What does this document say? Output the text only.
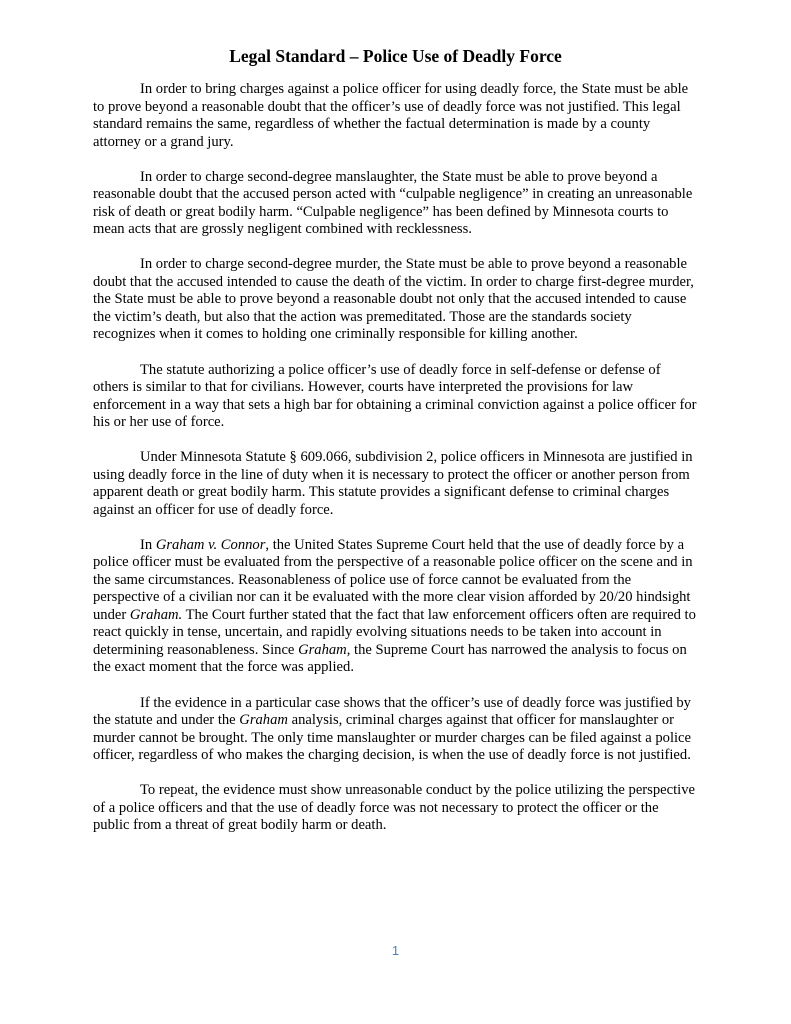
Legal Standard – Police Use of Deadly Force

In order to bring charges against a police officer for using deadly force, the State must be able to prove beyond a reasonable doubt that the officer’s use of deadly force was not justified. This legal standard remains the same, regardless of whether the factual determination is made by a county attorney or a grand jury.

In order to charge second-degree manslaughter, the State must be able to prove beyond a reasonable doubt that the accused person acted with “culpable negligence” in creating an unreasonable risk of death or great bodily harm. “Culpable negligence” has been defined by Minnesota courts to mean acts that are grossly negligent combined with recklessness.

In order to charge second-degree murder, the State must be able to prove beyond a reasonable doubt that the accused intended to cause the death of the victim. In order to charge first-degree murder, the State must be able to prove beyond a reasonable doubt not only that the accused intended to cause the victim’s death, but also that the action was premeditated. Those are the standards society recognizes when it comes to holding one criminally responsible for killing another.

The statute authorizing a police officer’s use of deadly force in self-defense or defense of others is similar to that for civilians. However, courts have interpreted the provisions for law enforcement in a way that sets a high bar for obtaining a criminal conviction against a police officer for his or her use of force.

Under Minnesota Statute § 609.066, subdivision 2, police officers in Minnesota are justified in using deadly force in the line of duty when it is necessary to protect the officer or another person from apparent death or great bodily harm. This statute provides a significant defense to criminal charges against an officer for use of deadly force.

In Graham v. Connor, the United States Supreme Court held that the use of deadly force by a police officer must be evaluated from the perspective of a reasonable police officer on the scene and in the same circumstances. Reasonableness of police use of force cannot be evaluated from the perspective of a civilian nor can it be evaluated with the more clear vision afforded by 20/20 hindsight under Graham. The Court further stated that the fact that law enforcement officers often are required to react quickly in tense, uncertain, and rapidly evolving situations needs to be taken into account in determining reasonableness. Since Graham, the Supreme Court has narrowed the analysis to focus on the exact moment that the force was applied.

If the evidence in a particular case shows that the officer’s use of deadly force was justified by the statute and under the Graham analysis, criminal charges against that officer for manslaughter or murder cannot be brought. The only time manslaughter or murder charges can be filed against a police officer, regardless of who makes the charging decision, is when the use of deadly force is not justified.

To repeat, the evidence must show unreasonable conduct by the police utilizing the perspective of a police officers and that the use of deadly force was not necessary to protect the officer or the public from a threat of great bodily harm or death.

1
